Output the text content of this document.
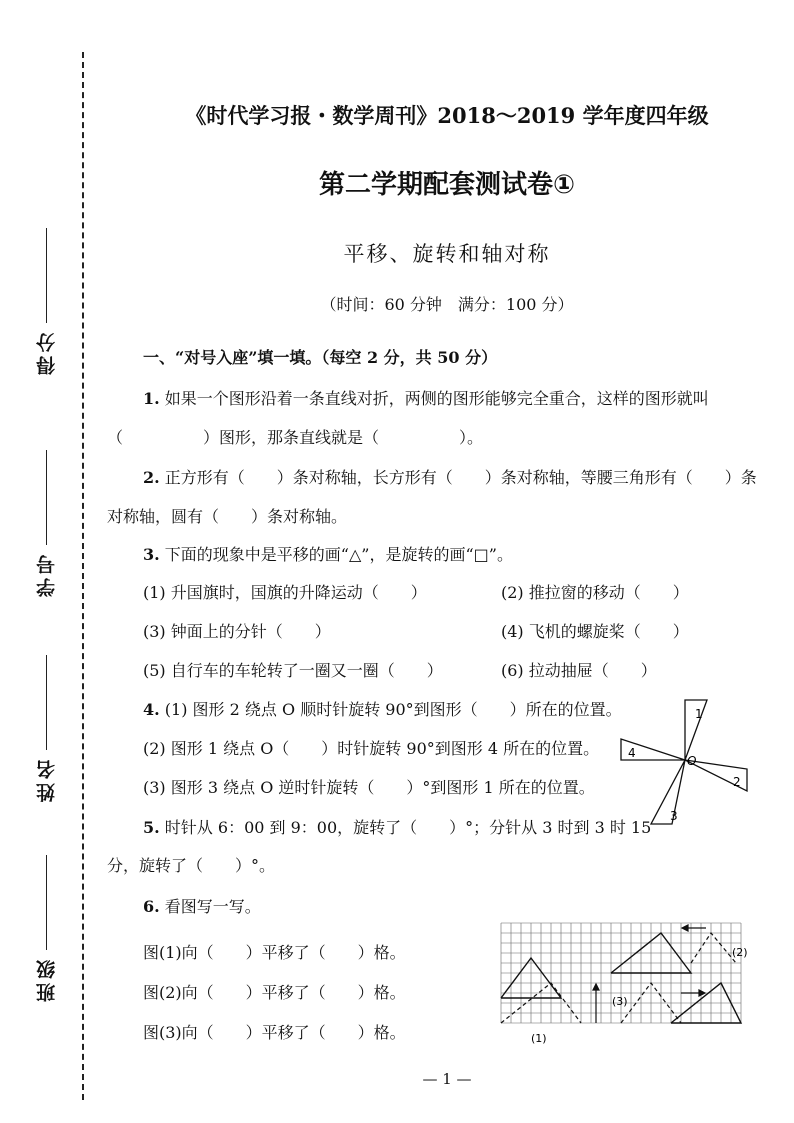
得分
学号
姓名
班级
《时代学习报・数学周刊》2018～2019 学年度四年级
第二学期配套测试卷①
平移、旋转和轴对称
（时间：60 分钟　满分：100 分）
一、“对号入座”填一填。（每空 2 分，共 50 分）
1. 如果一个图形沿着一条直线对折，两侧的图形能够完全重合，这样的图形就叫
（　　　　　）图形，那条直线就是（　　　　　）。
2. 正方形有（　　）条对称轴，长方形有（　　）条对称轴，等腰三角形有（　　）条
对称轴，圆有（　　）条对称轴。
3. 下面的现象中是平移的画“△”，是旋转的画“□”。
(1) 升国旗时，国旗的升降运动（　　）	(2) 推拉窗的移动（　　）
(3) 钟面上的分针（　　）	(4) 飞机的螺旋桨（　　）
(5) 自行车的车轮转了一圈又一圈（　　）	(6) 拉动抽屉（　　）
4. (1) 图形 2 绕点 O 顺时针旋转 90°到图形（　　）所在的位置。
(2) 图形 1 绕点 O（　　）时针旋转 90°到图形 4 所在的位置。
(3) 图形 3 绕点 O 逆时针旋转（　　）°到图形 1 所在的位置。
1
2
3
4
O
5. 时针从 6：00 到 9：00，旋转了（　　）°；分针从 3 时到 3 时 15
分，旋转了（　　）°。
6. 看图写一写。
图(1)向（　　）平移了（　　）格。
图(2)向（　　）平移了（　　）格。
图(3)向（　　）平移了（　　）格。	(1)
(2)
(3)
— 1 —
